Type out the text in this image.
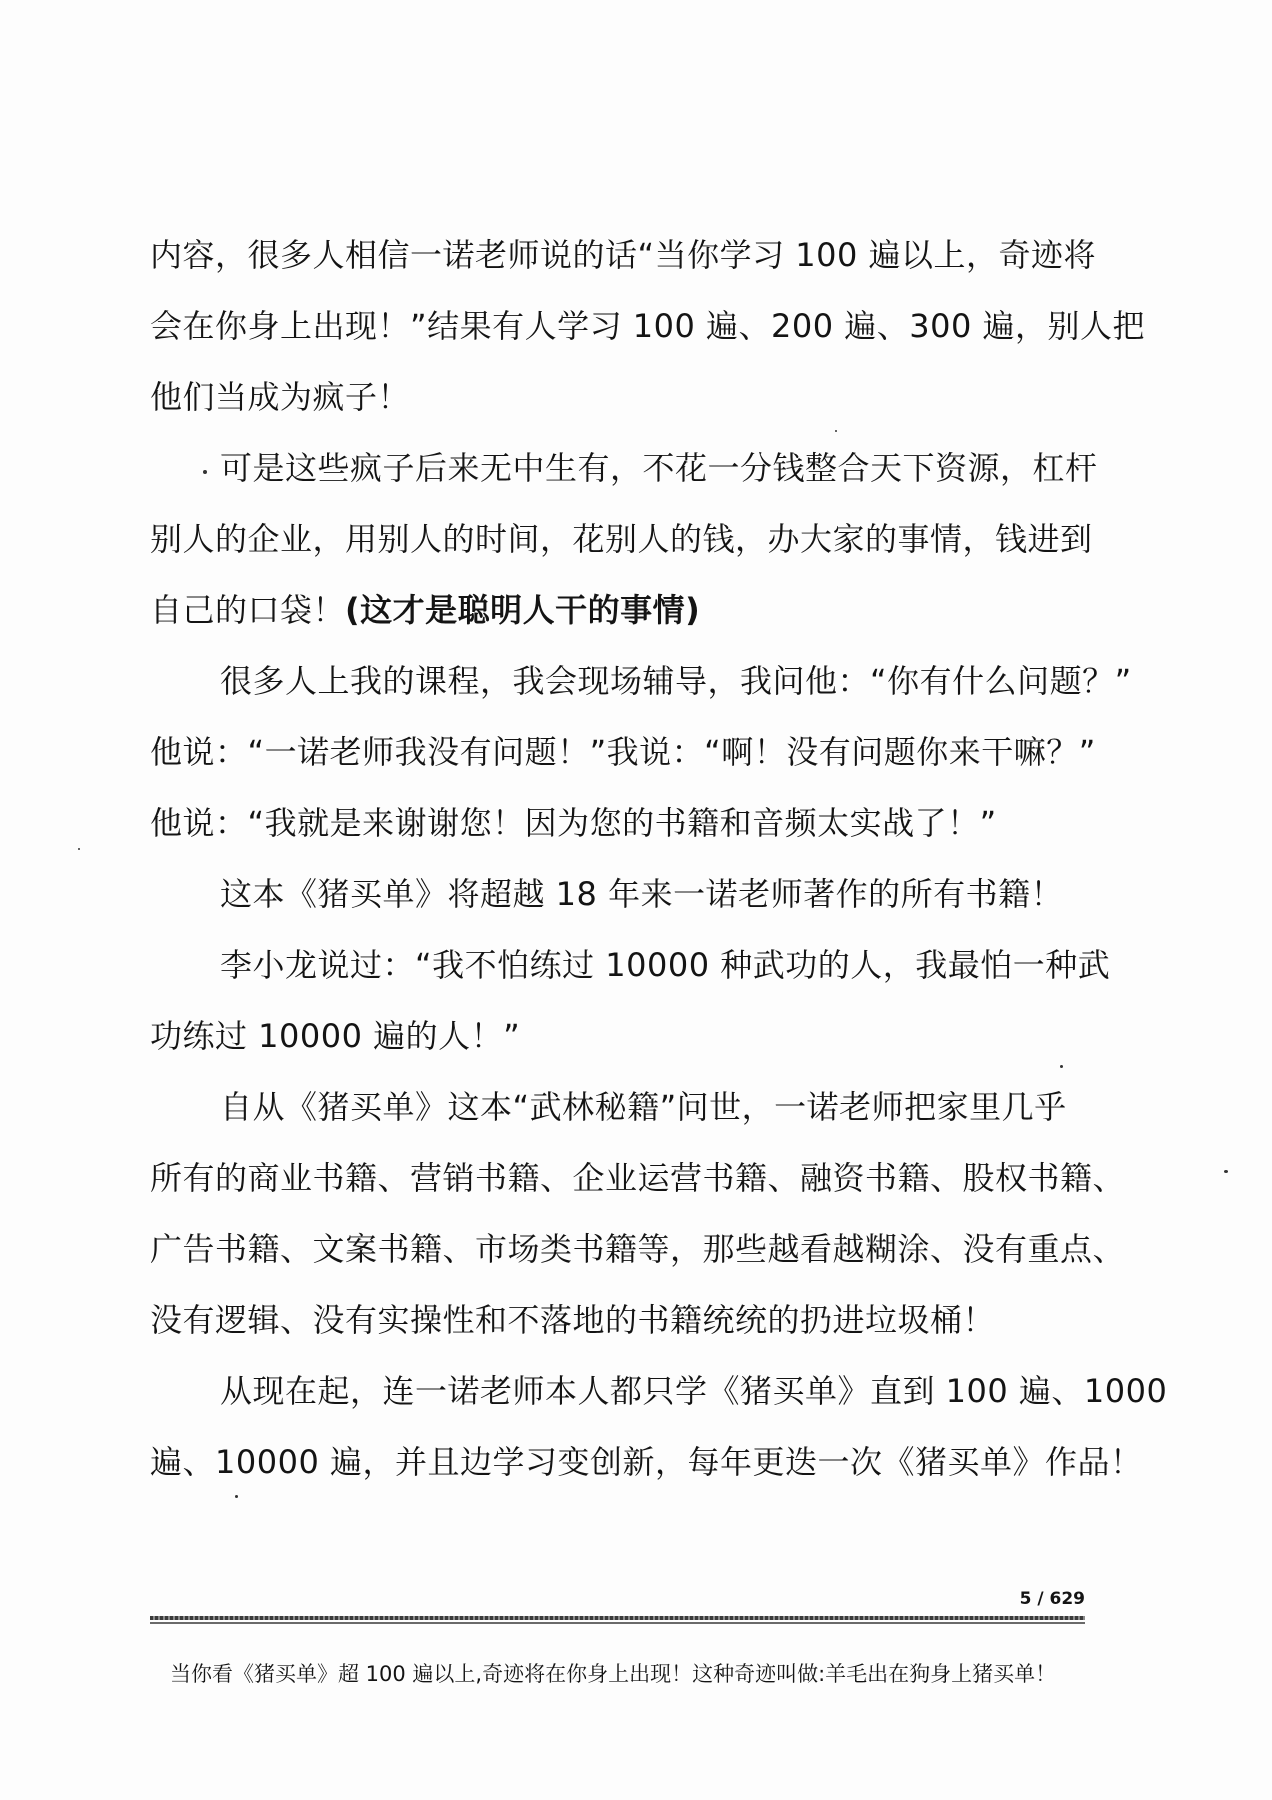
内容，很多人相信一诺老师说的话“当你学习 100 遍以上，奇迹将
会在你身上出现！”结果有人学习 100 遍、200 遍、300 遍，别人把
他们当成为疯子！
可是这些疯子后来无中生有，不花一分钱整合天下资源，杠杆
别人的企业，用别人的时间，花别人的钱，办大家的事情，钱进到
自己的口袋！(这才是聪明人干的事情)
很多人上我的课程，我会现场辅导，我问他：“你有什么问题？”
他说：“一诺老师我没有问题！”我说：“啊！没有问题你来干嘛？”
他说：“我就是来谢谢您！因为您的书籍和音频太实战了！”
这本《猪买单》将超越 18 年来一诺老师著作的所有书籍！
李小龙说过：“我不怕练过 10000 种武功的人，我最怕一种武
功练过 10000 遍的人！”
自从《猪买单》这本“武林秘籍”问世，一诺老师把家里几乎
所有的商业书籍、营销书籍、企业运营书籍、融资书籍、股权书籍、
广告书籍、文案书籍、市场类书籍等，那些越看越糊涂、没有重点、
没有逻辑、没有实操性和不落地的书籍统统的扔进垃圾桶！
从现在起，连一诺老师本人都只学《猪买单》直到 100 遍、1000
遍、10000 遍，并且边学习变创新，每年更迭一次《猪买单》作品！
5 / 629
当你看《猪买单》超 100 遍以上,奇迹将在你身上出现！这种奇迹叫做:羊毛出在狗身上猪买单！
